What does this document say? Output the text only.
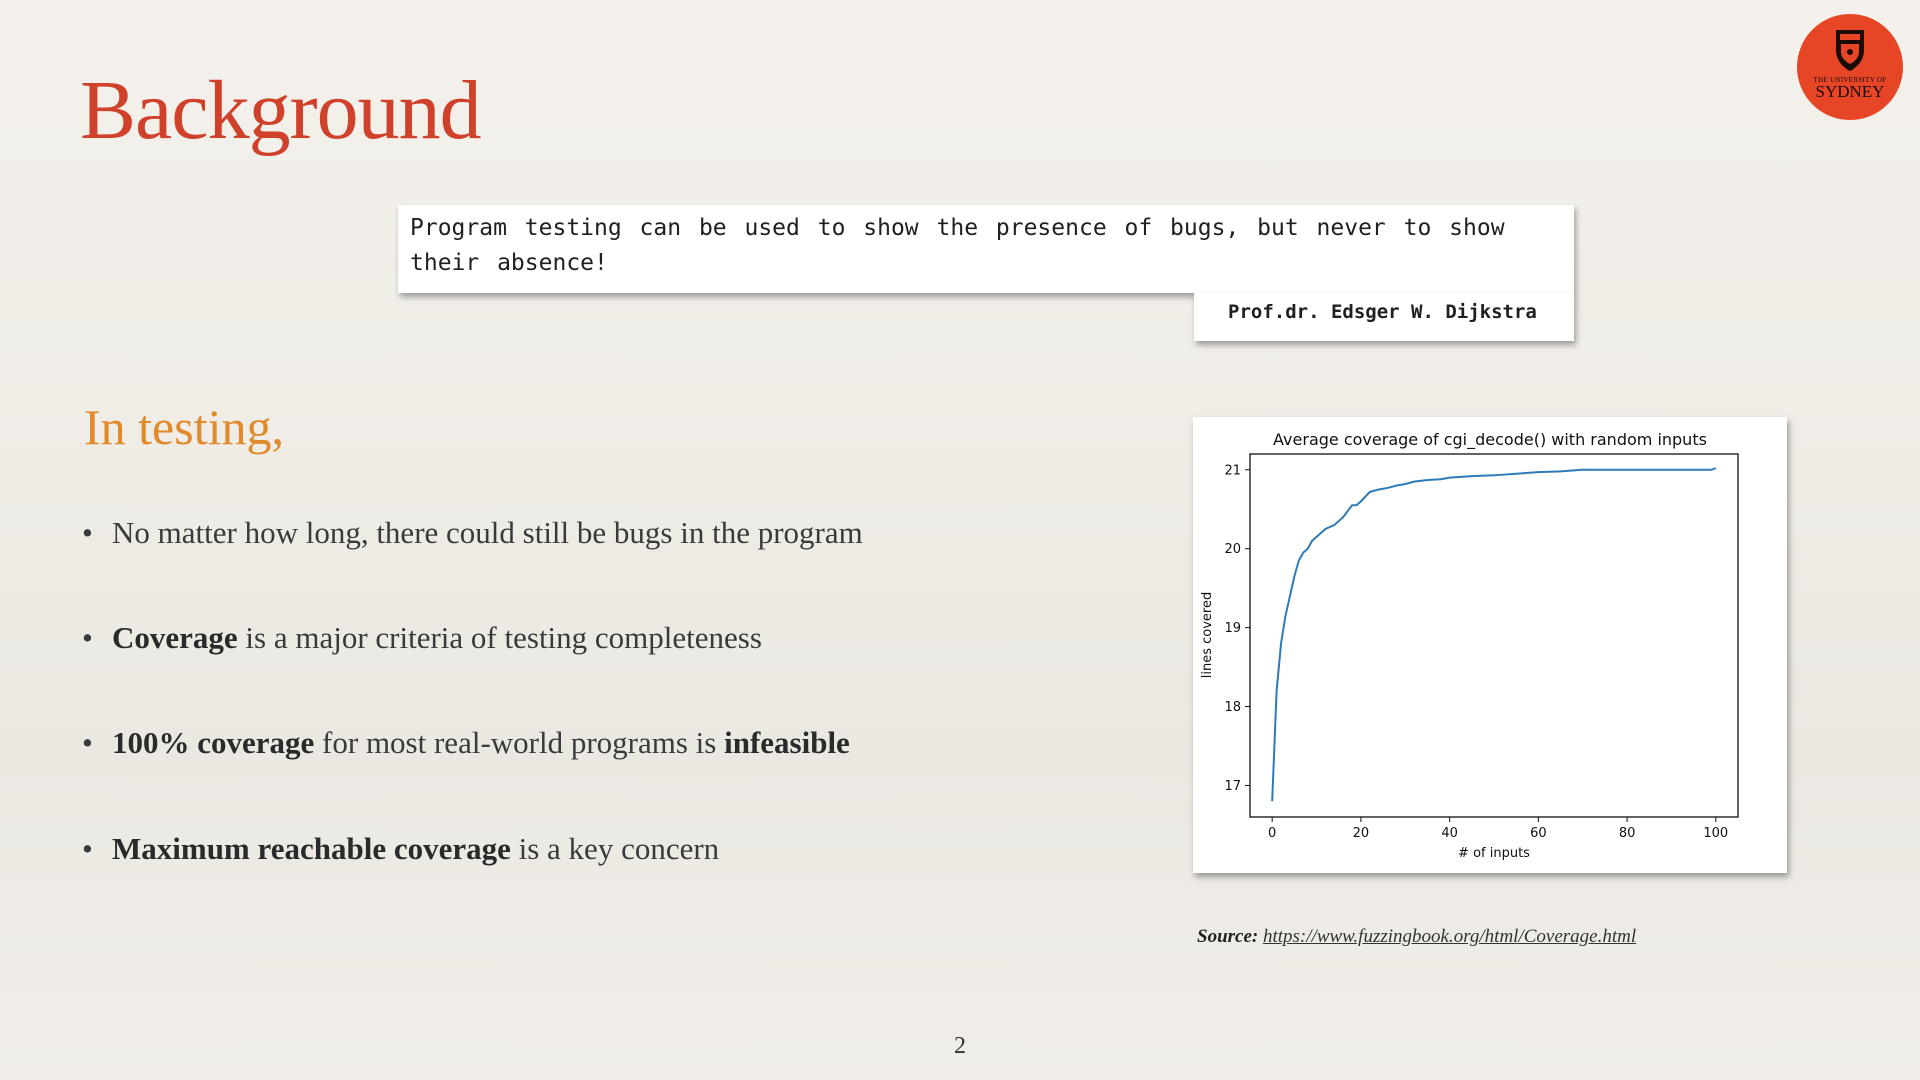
Background	THE UNIVERSITY OF
SYDNEY
Program testing can be used to show the presence of bugs, but never to show their absence!
Prof.dr. Edsger W. Dijkstra
In testing,
• No matter how long, there could still be bugs in the program
• Coverage is a major criteria of testing completeness
• 100% coverage for most real-world programs is infeasible
• Maximum reachable coverage is a key concern
Average coverage of cgi_decode() with random inputs
0	20	40	60	80	100
17
18
19
20
21
# of inputs
lines covered
Source: https://www.fuzzingbook.org/html/Coverage.html
2
